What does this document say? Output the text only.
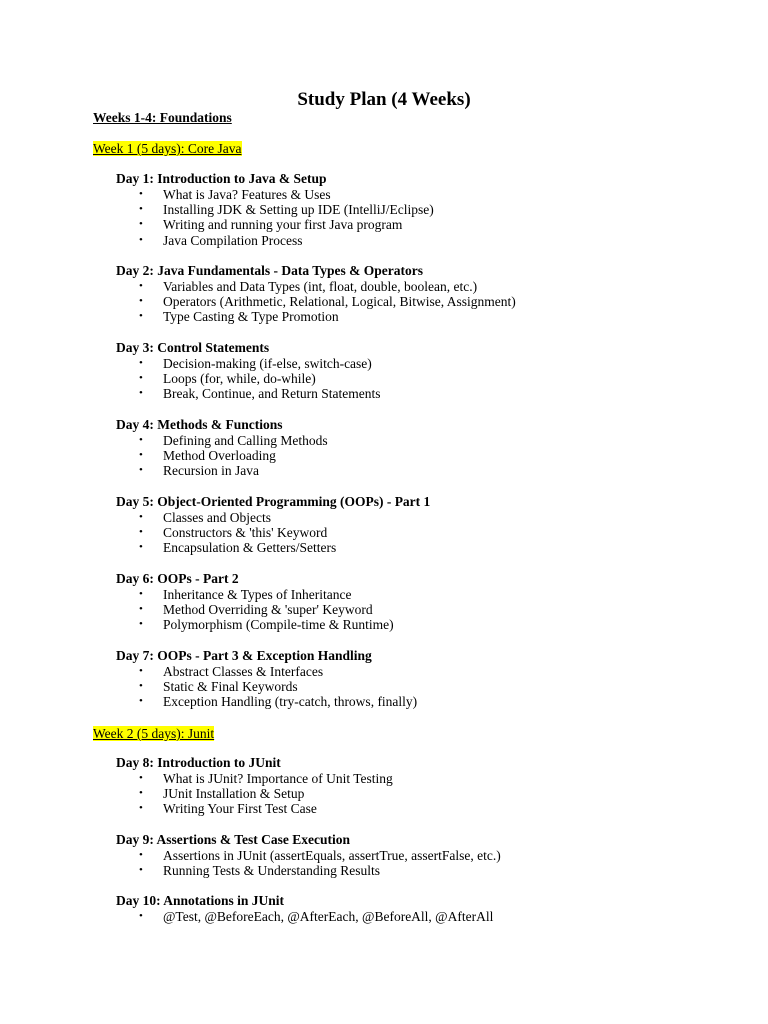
Study Plan (4 Weeks)
Weeks 1-4: Foundations
Week 1 (5 days): Core Java
Day 1: Introduction to Java & Setup
• What is Java? Features & Uses
• Installing JDK & Setting up IDE (IntelliJ/Eclipse)
• Writing and running your first Java program
• Java Compilation Process
Day 2: Java Fundamentals - Data Types & Operators
• Variables and Data Types (int, float, double, boolean, etc.)
• Operators (Arithmetic, Relational, Logical, Bitwise, Assignment)
• Type Casting & Type Promotion
Day 3: Control Statements
• Decision-making (if-else, switch-case)
• Loops (for, while, do-while)
• Break, Continue, and Return Statements
Day 4: Methods & Functions
• Defining and Calling Methods
• Method Overloading
• Recursion in Java
Day 5: Object-Oriented Programming (OOPs) - Part 1
• Classes and Objects
• Constructors & 'this' Keyword
• Encapsulation & Getters/Setters
Day 6: OOPs - Part 2
• Inheritance & Types of Inheritance
• Method Overriding & 'super' Keyword
• Polymorphism (Compile-time & Runtime)
Day 7: OOPs - Part 3 & Exception Handling
• Abstract Classes & Interfaces
• Static & Final Keywords
• Exception Handling (try-catch, throws, finally)
Week 2 (5 days): Junit
Day 8: Introduction to JUnit
• What is JUnit? Importance of Unit Testing
• JUnit Installation & Setup
• Writing Your First Test Case
Day 9: Assertions & Test Case Execution
• Assertions in JUnit (assertEquals, assertTrue, assertFalse, etc.)
• Running Tests & Understanding Results
Day 10: Annotations in JUnit
• @Test, @BeforeEach, @AfterEach, @BeforeAll, @AfterAll
